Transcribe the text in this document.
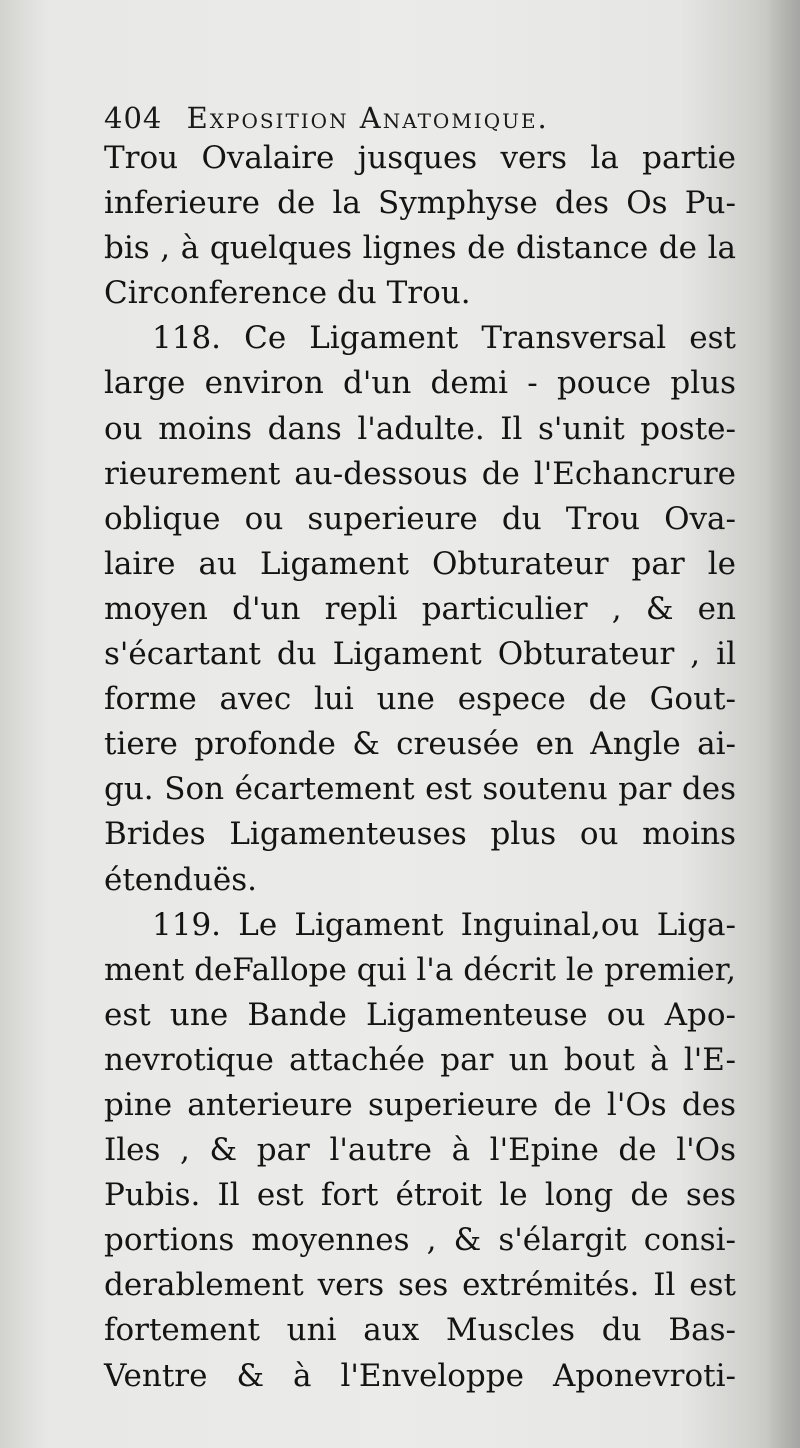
404 Exposition Anatomique.
Trou Ovalaire jusques vers la partie
inferieure de la Symphyse des Os Pu-
bis , à quelques lignes de distance de la
Circonference du Trou.
118. Ce Ligament Transversal est
large environ d'un demi - pouce plus
ou moins dans l'adulte. Il s'unit poste-
rieurement au-dessous de l'Echancrure
oblique ou superieure du Trou Ova-
laire au Ligament Obturateur par le
moyen d'un repli particulier , & en
s'écartant du Ligament Obturateur , il
forme avec lui une espece de Gout-
tiere profonde & creusée en Angle ai-
gu. Son écartement est soutenu par des
Brides Ligamenteuses plus ou moins
étenduës.
119. Le Ligament Inguinal,ou Liga-
ment deFallope qui l'a décrit le premier,
est une Bande Ligamenteuse ou Apo-
nevrotique attachée par un bout à l'E-
pine anterieure superieure de l'Os des
Iles , & par l'autre à l'Epine de l'Os
Pubis. Il est fort étroit le long de ses
portions moyennes , & s'élargit consi-
derablement vers ses extrémités. Il est
fortement uni aux Muscles du Bas-
Ventre & à l'Enveloppe Aponevroti-
